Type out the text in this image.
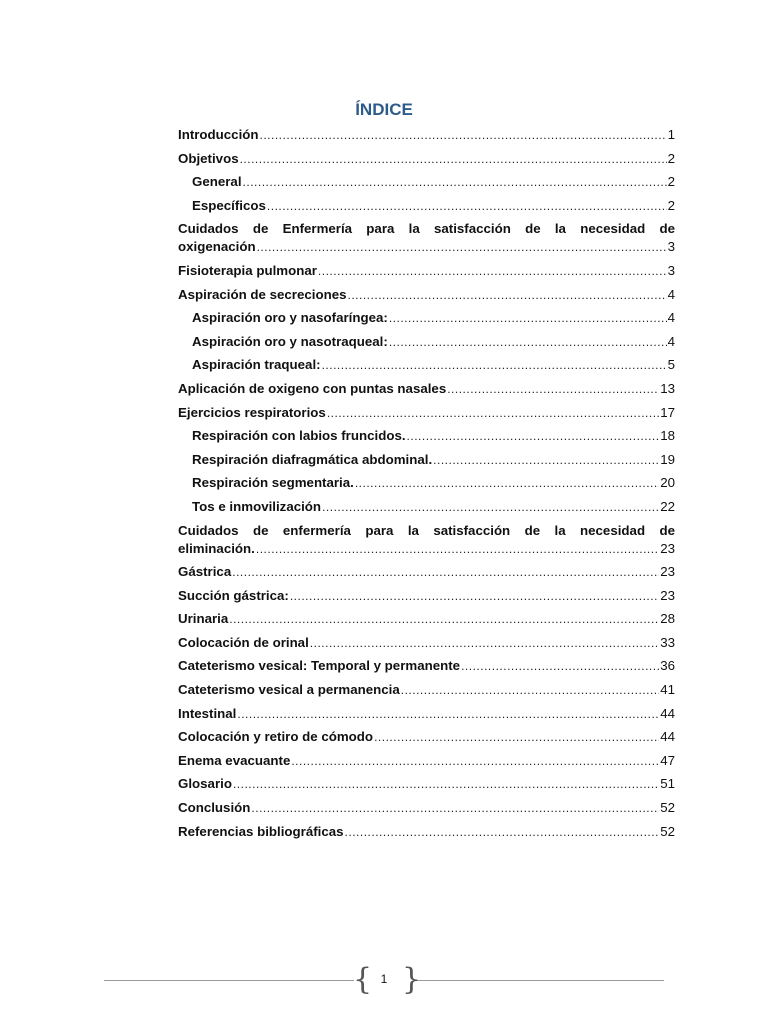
ÍNDICE
Introducción .....	1
Objetivos .....	2
General .....	2
Específicos .....	2
Cuidados de Enfermería para la satisfacción de la necesidad de
oxigenación .....	3
Fisioterapia pulmonar .....	3
Aspiración de secreciones .....	4
Aspiración oro y nasofaríngea: .....	4
Aspiración oro y nasotraqueal: .....	4
Aspiración traqueal: .....	5
Aplicación de oxigeno con puntas nasales .....	13
Ejercicios respiratorios .....	17
Respiración con labios fruncidos. .....	18
Respiración diafragmática abdominal. .....	19
Respiración segmentaria. .....	20
Tos e inmovilización .....	22
Cuidados de enfermería para la satisfacción de la necesidad de
eliminación. .....	23
Gástrica .....	23
Succión gástrica: .....	23
Urinaria .....	28
Colocación de orinal .....	33
Cateterismo vesical: Temporal y permanente .....	36
Cateterismo vesical a permanencia .....	41
Intestinal .....	44
Colocación y retiro de cómodo .....	44
Enema evacuante .....	47
Glosario .....	51
Conclusión .....	52
Referencias bibliográficas .....	52
{ }
1
